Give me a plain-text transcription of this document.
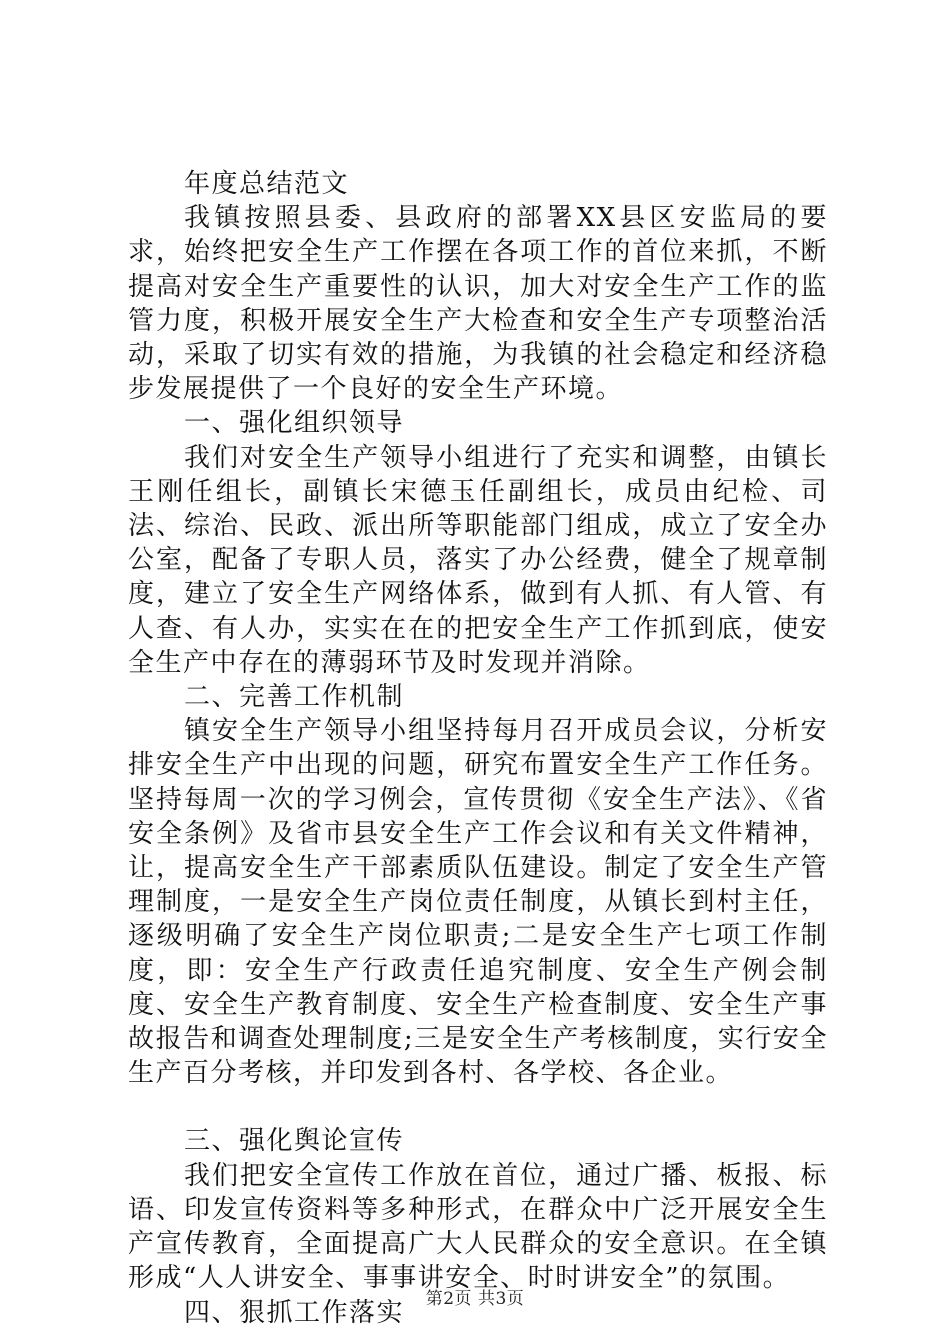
年度总结范文

我镇按照县委、县政府的部署XX县区安监局的要求，始终把安全生产工作摆在各项工作的首位来抓，不断提高对安全生产重要性的认识，加大对安全生产工作的监管力度，积极开展安全生产大检查和安全生产专项整治活动，采取了切实有效的措施，为我镇的社会稳定和经济稳步发展提供了一个良好的安全生产环境。

一、强化组织领导

我们对安全生产领导小组进行了充实和调整，由镇长王刚任组长，副镇长宋德玉任副组长，成员由纪检、司法、综治、民政、派出所等职能部门组成，成立了安全办公室，配备了专职人员，落实了办公经费，健全了规章制度，建立了安全生产网络体系，做到有人抓、有人管、有人查、有人办，实实在在的把安全生产工作抓到底，使安全生产中存在的薄弱环节及时发现并消除。

二、完善工作机制

镇安全生产领导小组坚持每月召开成员会议，分析安排安全生产中出现的问题，研究布置安全生产工作任务。坚持每周一次的学习例会，宣传贯彻《安全生产法》、《省安全条例》及省市县安全生产工作会议和有关文件精神，让，提高安全生产干部素质队伍建设。制定了安全生产管理制度，一是安全生产岗位责任制度，从镇长到村主任，逐级明确了安全生产岗位职责;二是安全生产七项工作制度，即：安全生产行政责任追究制度、安全生产例会制度、安全生产教育制度、安全生产检查制度、安全生产事故报告和调查处理制度;三是安全生产考核制度，实行安全生产百分考核，并印发到各村、各学校、各企业。

三、强化舆论宣传

我们把安全宣传工作放在首位，通过广播、板报、标语、印发宣传资料等多种形式，在群众中广泛开展安全生产宣传教育，全面提高广大人民群众的安全意识。在全镇形成“人人讲安全、事事讲安全、时时讲安全”的氛围。

四、狠抓工作落实	第2页 共3页
